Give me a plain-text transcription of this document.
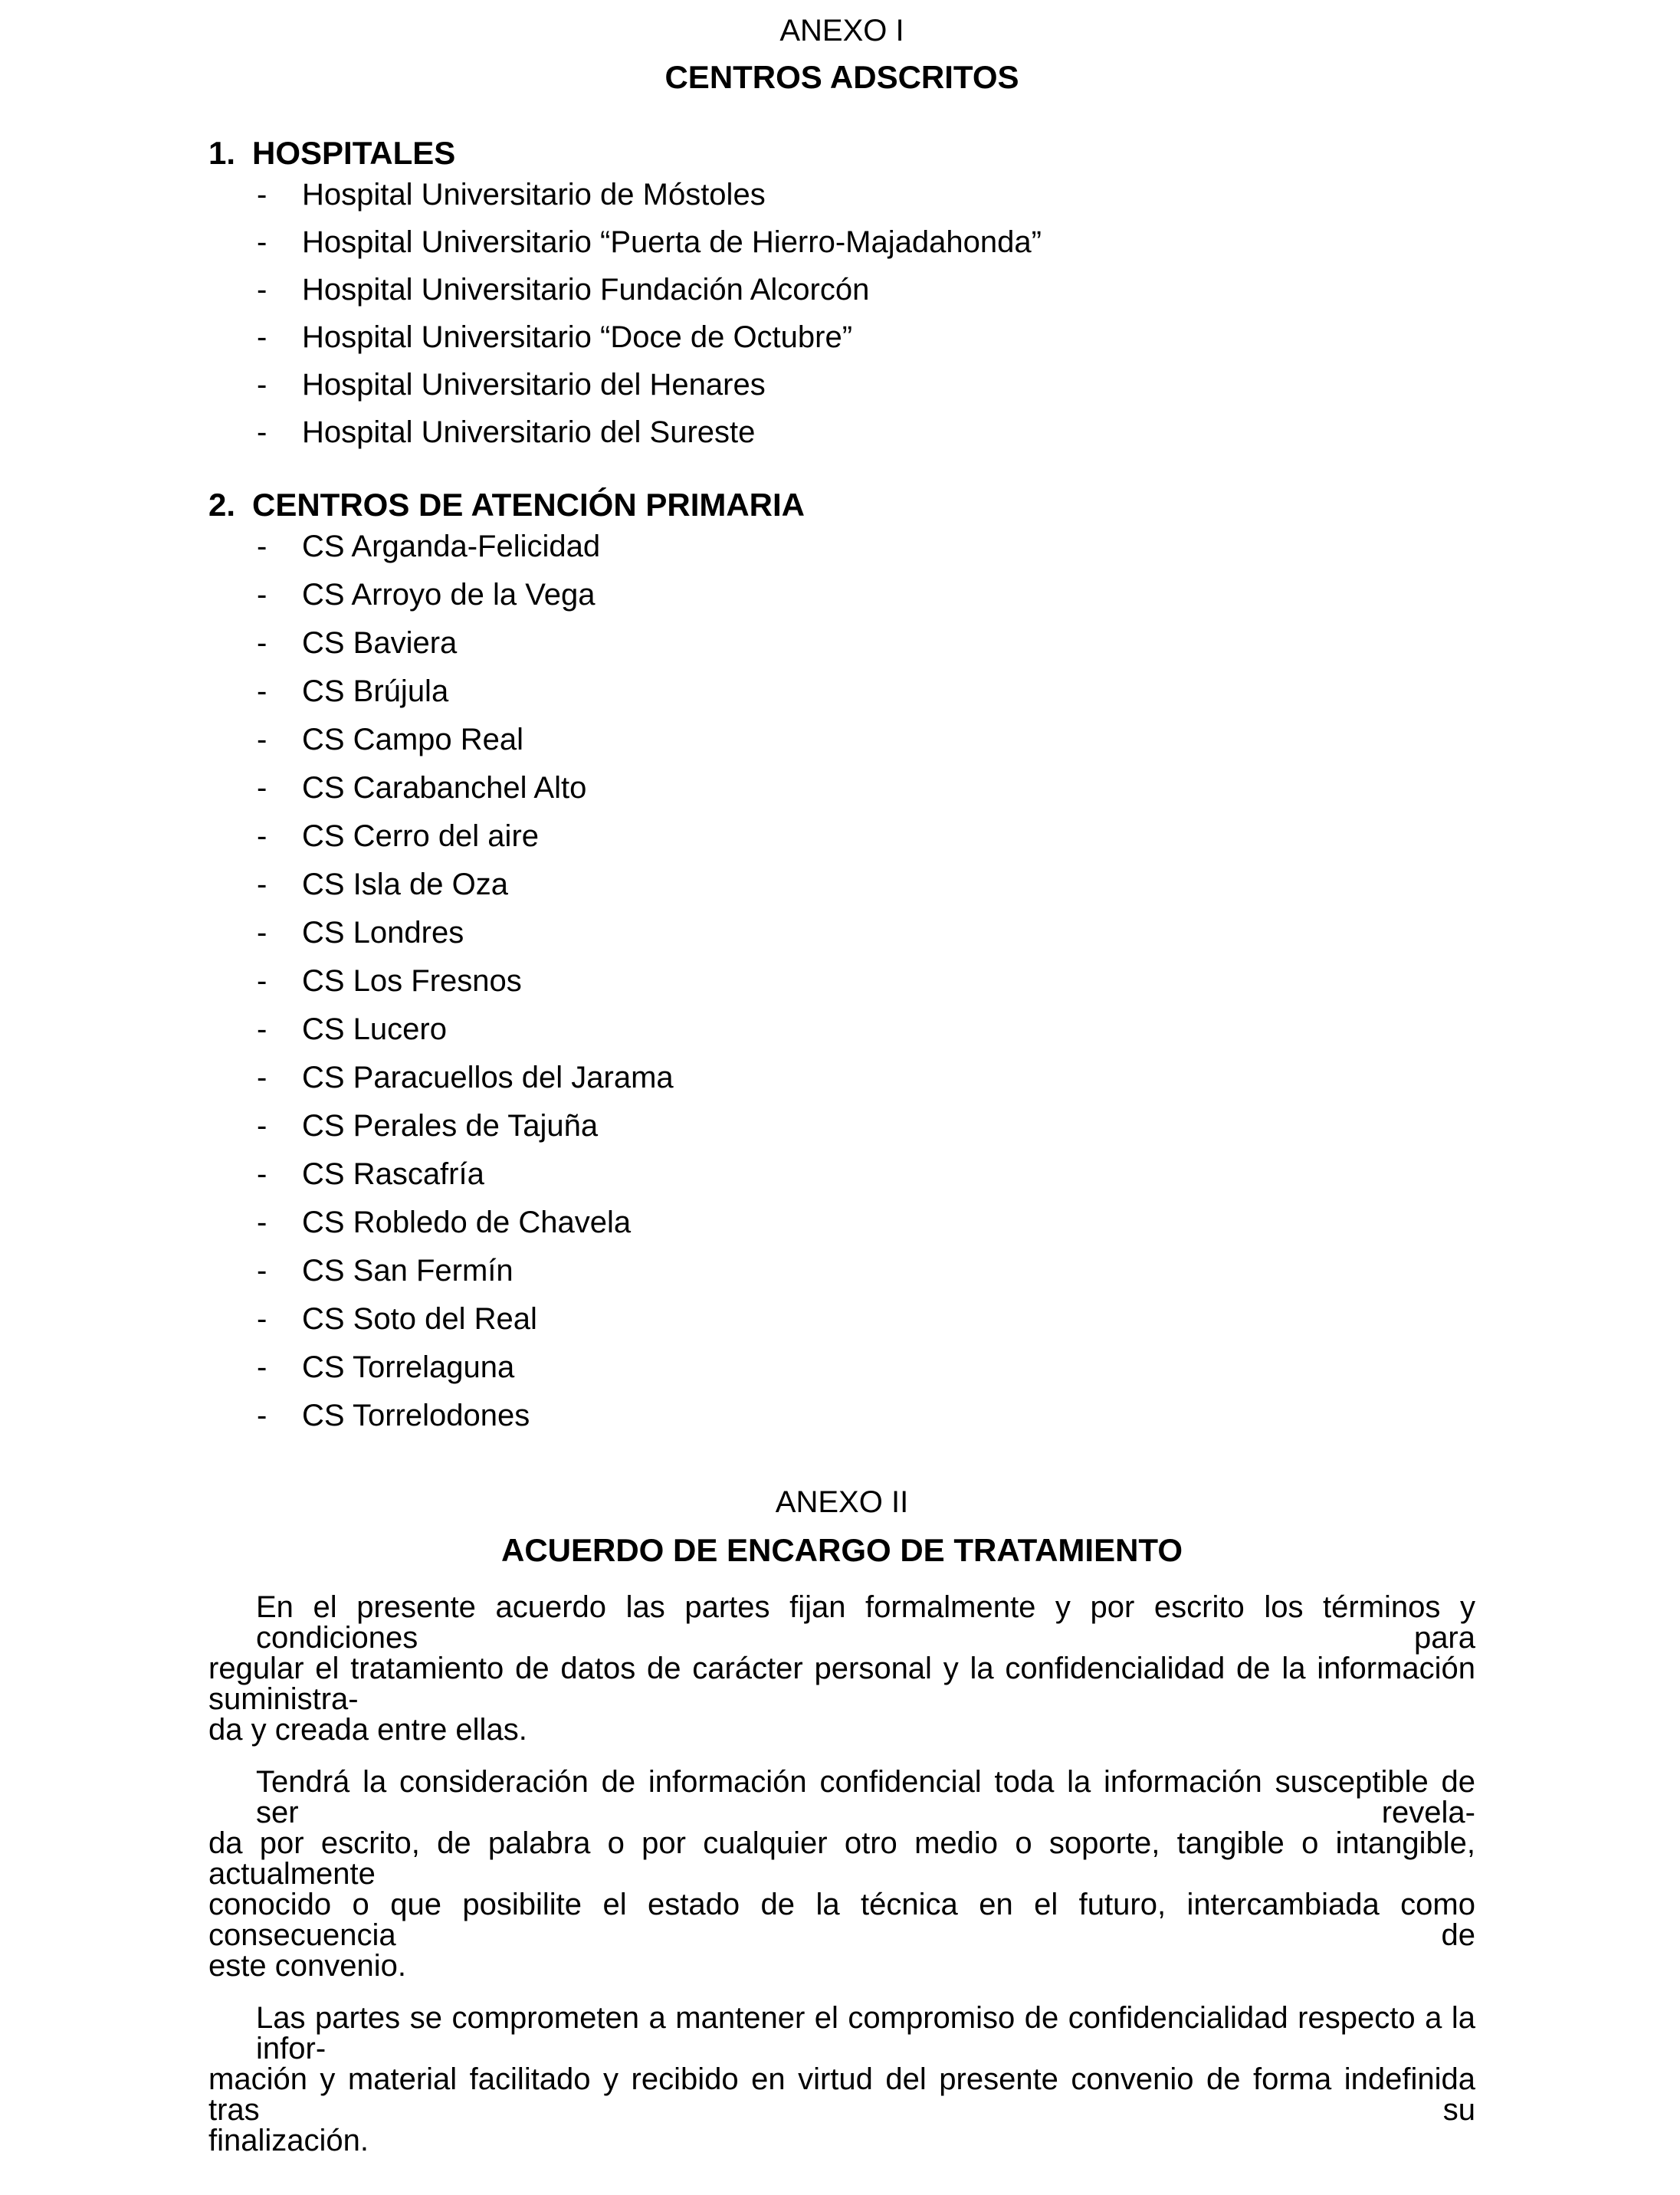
ANEXO I
CENTROS ADSCRITOS
1. HOSPITALES
- Hospital Universitario de Móstoles
- Hospital Universitario “Puerta de Hierro-Majadahonda”
- Hospital Universitario Fundación Alcorcón
- Hospital Universitario “Doce de Octubre”
- Hospital Universitario del Henares
- Hospital Universitario del Sureste
2. CENTROS DE ATENCIÓN PRIMARIA
- CS Arganda-Felicidad
- CS Arroyo de la Vega
- CS Baviera
- CS Brújula
- CS Campo Real
- CS Carabanchel Alto
- CS Cerro del aire
- CS Isla de Oza
- CS Londres
- CS Los Fresnos
- CS Lucero
- CS Paracuellos del Jarama
- CS Perales de Tajuña
- CS Rascafría
- CS Robledo de Chavela
- CS San Fermín
- CS Soto del Real
- CS Torrelaguna
- CS Torrelodones
ANEXO II
ACUERDO DE ENCARGO DE TRATAMIENTO
En el presente acuerdo las partes fijan formalmente y por escrito los términos y condiciones para
regular el tratamiento de datos de carácter personal y la confidencialidad de la información suministra-
da y creada entre ellas.
Tendrá la consideración de información confidencial toda la información susceptible de ser revela-
da por escrito, de palabra o por cualquier otro medio o soporte, tangible o intangible, actualmente
conocido o que posibilite el estado de la técnica en el futuro, intercambiada como consecuencia de
este convenio.
Las partes se comprometen a mantener el compromiso de confidencialidad respecto a la infor-
mación y material facilitado y recibido en virtud del presente convenio de forma indefinida tras su
finalización.
